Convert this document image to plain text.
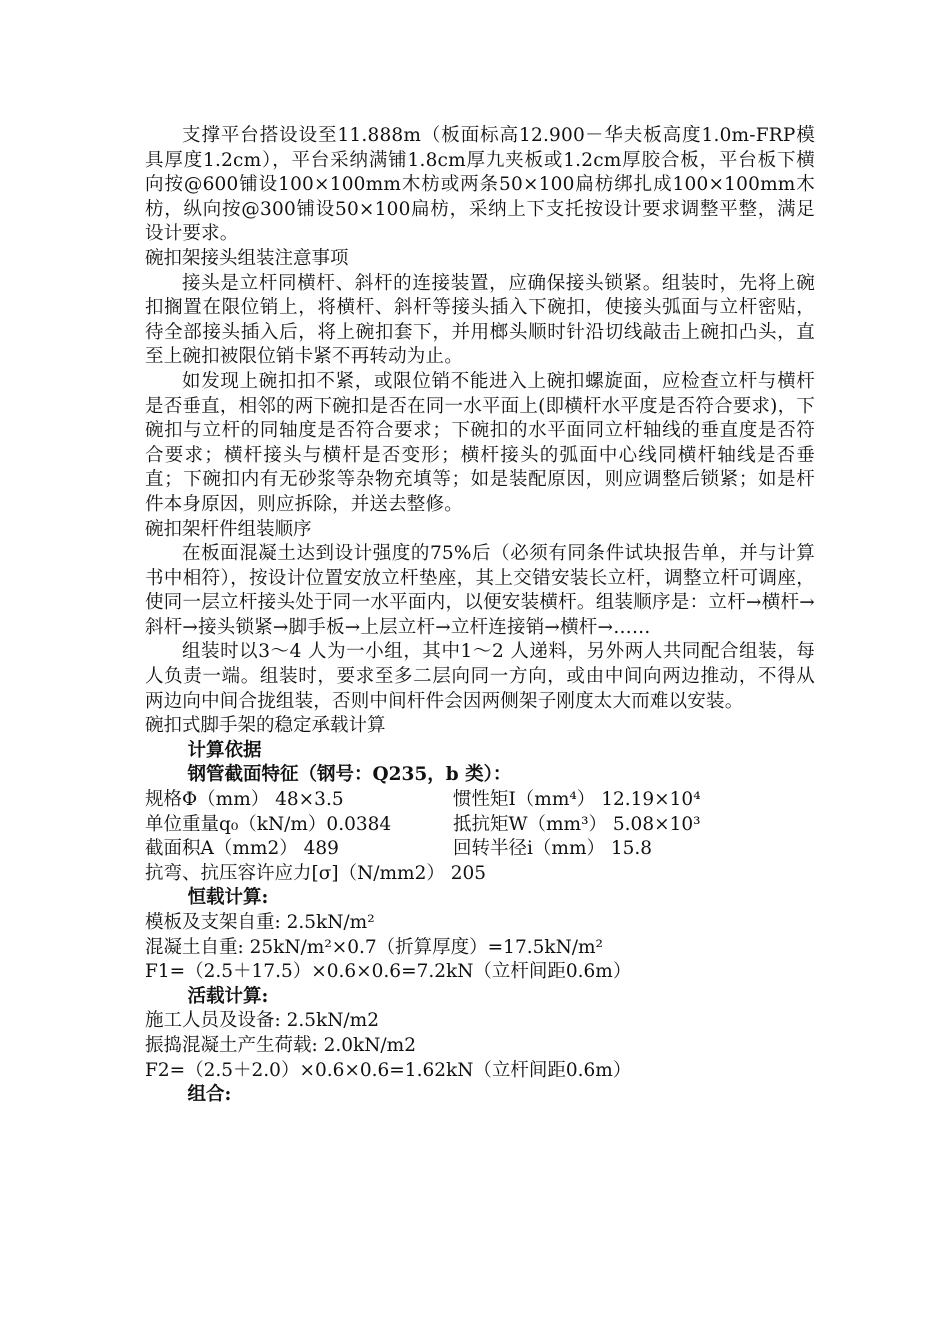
支撑平台搭设设至11.888m（板面标高12.900－华夫板高度1.0m-FRP模具厚度1.2cm），平台采纳满铺1.8cm厚九夹板或1.2cm厚胶合板，平台板下横向按@600铺设100×100mm木枋或两条50×100扁枋绑扎成100×100mm木枋，纵向按@300铺设50×100扁枋，采纳上下支托按设计要求调整平整，满足设计要求。

碗扣架接头组装注意事项

接头是立杆同横杆、斜杆的连接装置，应确保接头锁紧。组装时，先将上碗扣搁置在限位销上，将横杆、斜杆等接头插入下碗扣，使接头弧面与立杆密贴，待全部接头插入后，将上碗扣套下，并用榔头顺时针沿切线敲击上碗扣凸头，直至上碗扣被限位销卡紧不再转动为止。

如发现上碗扣扣不紧，或限位销不能进入上碗扣螺旋面，应检查立杆与横杆是否垂直，相邻的两下碗扣是否在同一水平面上(即横杆水平度是否符合要求)，下碗扣与立杆的同轴度是否符合要求；下碗扣的水平面同立杆轴线的垂直度是否符合要求；横杆接头与横杆是否变形；横杆接头的弧面中心线同横杆轴线是否垂直；下碗扣内有无砂浆等杂物充填等；如是装配原因，则应调整后锁紧；如是杆件本身原因，则应拆除，并送去整修。

碗扣架杆件组装顺序

在板面混凝土达到设计强度的75%后（必须有同条件试块报告单，并与计算书中相符），按设计位置安放立杆垫座，其上交错安装长立杆，调整立杆可调座，使同一层立杆接头处于同一水平面内，以便安装横杆。组装顺序是：立杆→横杆→斜杆→接头锁紧→脚手板→上层立杆→立杆连接销→横杆→……

组装时以3～4 人为一小组，其中1～2 人递料，另外两人共同配合组装，每人负责一端。组装时，要求至多二层向同一方向，或由中间向两边推动，不得从两边向中间合拢组装，否则中间杆件会因两侧架子刚度太大而难以安装。

碗扣式脚手架的稳定承载计算

计算依据

钢管截面特征（钢号：Q235，b 类）：

规格Φ（mm） 48×3.5	惯性矩I（mm⁴） 12.19×10⁴
单位重量q₀（kN/m）0.0384	抵抗矩W（mm³） 5.08×10³
截面积A（mm2） 489	回转半径i（mm） 15.8

抗弯、抗压容许应力[σ]（N/mm2） 205

恒载计算:

模板及支架自重: 2.5kN/m²

混凝土自重: 25kN/m²×0.7（折算厚度）=17.5kN/m²

F1=（2.5＋17.5）×0.6×0.6=7.2kN（立杆间距0.6m）

活载计算:

施工人员及设备: 2.5kN/m2

振捣混凝土产生荷载: 2.0kN/m2

F2=（2.5＋2.0）×0.6×0.6=1.62kN（立杆间距0.6m）

组合:
